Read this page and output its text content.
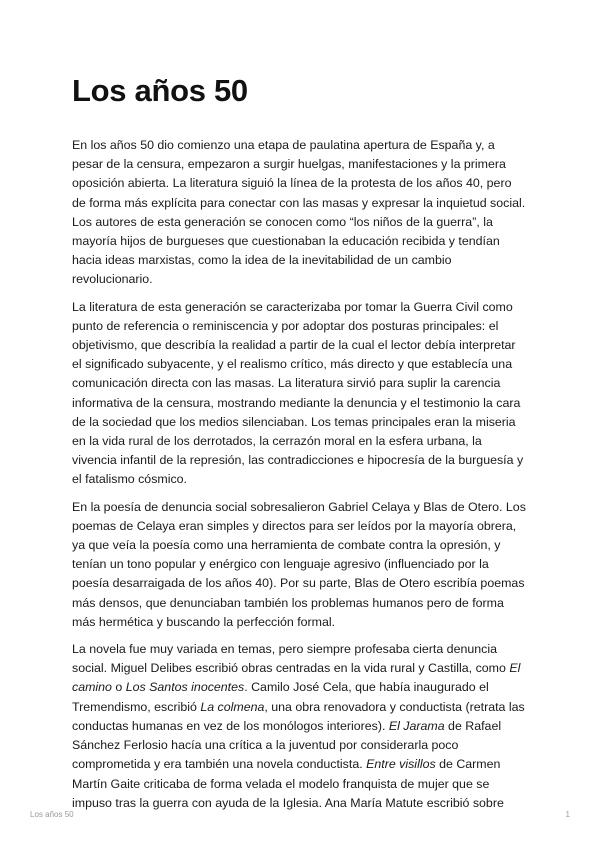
Los años 50

En los años 50 dio comienzo una etapa de paulatina apertura de España y, a pesar de la censura, empezaron a surgir huelgas, manifestaciones y la primera oposición abierta. La literatura siguió la línea de la protesta de los años 40, pero de forma más explícita para conectar con las masas y expresar la inquietud social. Los autores de esta generación se conocen como “los niños de la guerra”, la mayoría hijos de burgueses que cuestionaban la educación recibida y tendían hacia ideas marxistas, como la idea de la inevitabilidad de un cambio revolucionario.

La literatura de esta generación se caracterizaba por tomar la Guerra Civil como punto de referencia o reminiscencia y por adoptar dos posturas principales: el objetivismo, que describía la realidad a partir de la cual el lector debía interpretar el significado subyacente, y el realismo crítico, más directo y que establecía una comunicación directa con las masas. La literatura sirvió para suplir la carencia informativa de la censura, mostrando mediante la denuncia y el testimonio la cara de la sociedad que los medios silenciaban. Los temas principales eran la miseria en la vida rural de los derrotados, la cerrazón moral en la esfera urbana, la vivencia infantil de la represión, las contradicciones e hipocresía de la burguesía y el fatalismo cósmico.

En la poesía de denuncia social sobresalieron Gabriel Celaya y Blas de Otero. Los poemas de Celaya eran simples y directos para ser leídos por la mayoría obrera, ya que veía la poesía como una herramienta de combate contra la opresión, y tenían un tono popular y enérgico con lenguaje agresivo (influenciado por la poesía desarraigada de los años 40). Por su parte, Blas de Otero escribía poemas más densos, que denunciaban también los problemas humanos pero de forma más hermética y buscando la perfección formal.

La novela fue muy variada en temas, pero siempre profesaba cierta denuncia social. Miguel Delibes escribió obras centradas en la vida rural y Castilla, como El camino o Los Santos inocentes. Camilo José Cela, que había inaugurado el Tremendismo, escribió La colmena, una obra renovadora y conductista (retrata las conductas humanas en vez de los monólogos interiores). El Jarama de Rafael Sánchez Ferlosio hacía una crítica a la juventud por considerarla poco comprometida y era también una novela conductista. Entre visillos de Carmen Martín Gaite criticaba de forma velada el modelo franquista de mujer que se impuso tras la guerra con ayuda de la Iglesia. Ana María Matute escribió sobre

Los años 50	1
